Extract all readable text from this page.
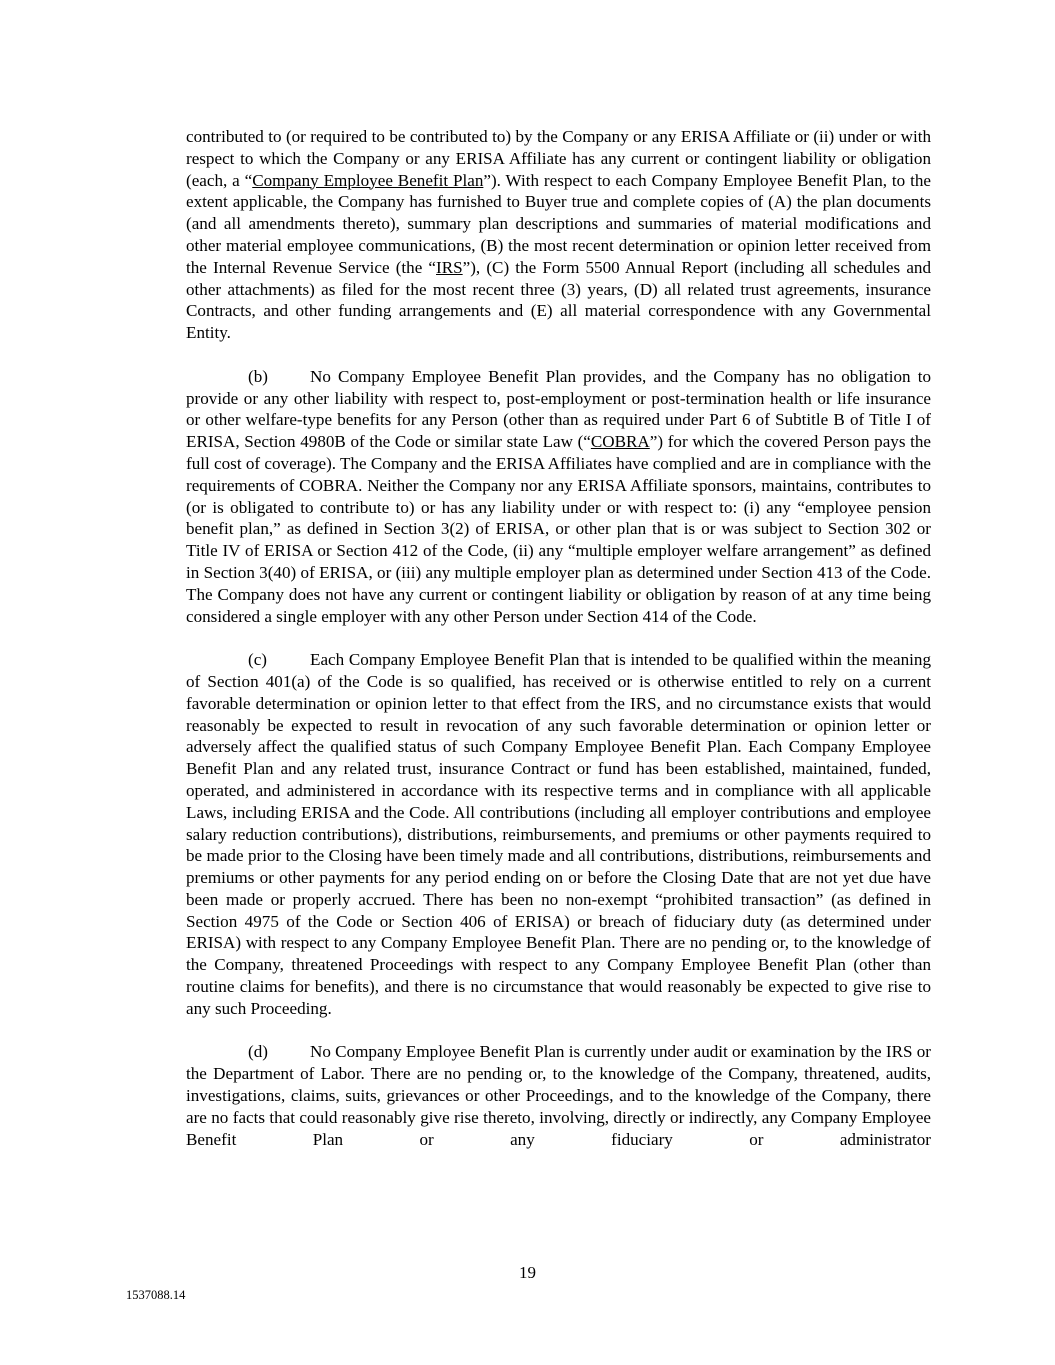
contributed to (or required to be contributed to) by the Company or any ERISA Affiliate or (ii) under or with respect to which the Company or any ERISA Affiliate has any current or contingent liability or obligation (each, a “Company Employee Benefit Plan”). With respect to each Company Employee Benefit Plan, to the extent applicable, the Company has furnished to Buyer true and complete copies of (A) the plan documents (and all amendments thereto), summary plan descriptions and summaries of material modifications and other material employee communications, (B) the most recent determination or opinion letter received from the Internal Revenue Service (the “IRS”), (C) the Form 5500 Annual Report (including all schedules and other attachments) as filed for the most recent three (3) years, (D) all related trust agreements, insurance Contracts, and other funding arrangements and (E) all material correspondence with any Governmental Entity.

(b) No Company Employee Benefit Plan provides, and the Company has no obligation to provide or any other liability with respect to, post-employment or post-termination health or life insurance or other welfare-type benefits for any Person (other than as required under Part 6 of Subtitle B of Title I of ERISA, Section 4980B of the Code or similar state Law (“COBRA”) for which the covered Person pays the full cost of coverage). The Company and the ERISA Affiliates have complied and are in compliance with the requirements of COBRA. Neither the Company nor any ERISA Affiliate sponsors, maintains, contributes to (or is obligated to contribute to) or has any liability under or with respect to: (i) any “employee pension benefit plan,” as defined in Section 3(2) of ERISA, or other plan that is or was subject to Section 302 or Title IV of ERISA or Section 412 of the Code, (ii) any “multiple employer welfare arrangement” as defined in Section 3(40) of ERISA, or (iii) any multiple employer plan as determined under Section 413 of the Code. The Company does not have any current or contingent liability or obligation by reason of at any time being considered a single employer with any other Person under Section 414 of the Code.

(c)	Each Company Employee Benefit Plan that is intended to be qualified within the meaning of Section 401(a) of the Code is so qualified, has received or is otherwise entitled to rely on a current favorable determination or opinion letter to that effect from the IRS, and no circumstance exists that would reasonably be expected to result in revocation of any such favorable determination or opinion letter or adversely affect the qualified status of such Company Employee Benefit Plan. Each Company Employee Benefit Plan and any related trust, insurance Contract or fund has been established, maintained, funded, operated, and administered in accordance with its respective terms and in compliance with all applicable Laws, including ERISA and the Code. All contributions (including all employer contributions and employee salary reduction contributions), distributions, reimbursements, and premiums or other payments required to be made prior to the Closing have been timely made and all contributions, distributions, reimbursements and premiums or other payments for any period ending on or before the Closing Date that are not yet due have been made or properly accrued. There has been no non-exempt “prohibited transaction” (as defined in Section 4975 of the Code or Section 406 of ERISA) or breach of fiduciary duty (as determined under ERISA) with respect to any Company Employee Benefit Plan. There are no pending or, to the knowledge of the Company, threatened Proceedings with respect to any Company Employee Benefit Plan (other than routine claims for benefits), and there is no circumstance that would reasonably be expected to give rise to any such Proceeding.

(d) No Company Employee Benefit Plan is currently under audit or examination by the IRS or the Department of Labor. There are no pending or, to the knowledge of the Company, threatened, audits, investigations, claims, suits, grievances or other Proceedings, and to the knowledge of the Company, there are no facts that could reasonably give rise thereto, involving, directly or indirectly, any Company Employee Benefit Plan or any fiduciary or administrator

19
1537088.14
